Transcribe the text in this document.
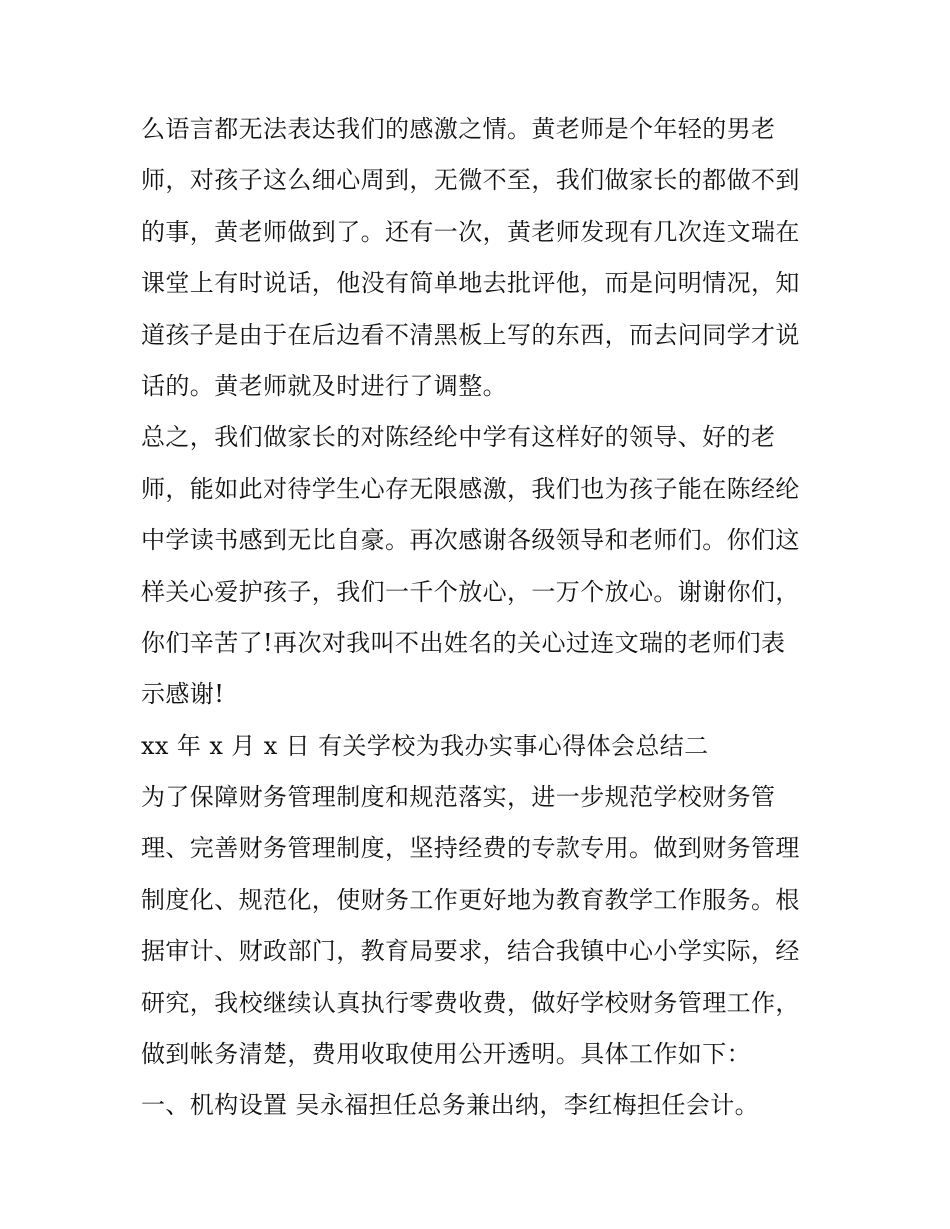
么语言都无法表达我们的感激之情。黄老师是个年轻的男老
师，对孩子这么细心周到，无微不至，我们做家长的都做不到
的事，黄老师做到了。还有一次，黄老师发现有几次连文瑞在
课堂上有时说话，他没有简单地去批评他，而是问明情况，知
道孩子是由于在后边看不清黑板上写的东西，而去问同学才说
话的。黄老师就及时进行了调整。
总之，我们做家长的对陈经纶中学有这样好的领导、好的老
师，能如此对待学生心存无限感激，我们也为孩子能在陈经纶
中学读书感到无比自豪。再次感谢各级领导和老师们。你们这
样关心爱护孩子，我们一千个放心，一万个放心。谢谢你们，
你们辛苦了!再次对我叫不出姓名的关心过连文瑞的老师们表
示感谢!
xx 年 x 月 x 日 有关学校为我办实事心得体会总结二
为了保障财务管理制度和规范落实，进一步规范学校财务管
理、完善财务管理制度，坚持经费的专款专用。做到财务管理
制度化、规范化，使财务工作更好地为教育教学工作服务。根
据审计、财政部门，教育局要求，结合我镇中心小学实际，经
研究，我校继续认真执行零费收费，做好学校财务管理工作，
做到帐务清楚，费用收取使用公开透明。具体工作如下：
一、机构设置 吴永福担任总务兼出纳，李红梅担任会计。
